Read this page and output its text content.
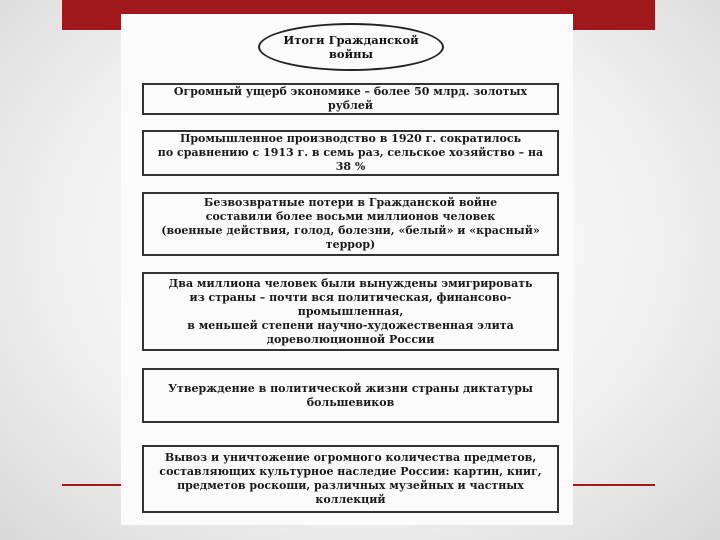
Итоги Гражданской войны
Огромный ущерб экономике – более 50 млрд. золотых рублей
Промышленное производство в 1920 г. сократилось
по сравнению с 1913 г. в семь раз, сельское хозяйство – на 38 %
Безвозвратные потери в Гражданской войне
составили более восьми миллионов человек
(военные действия, голод, болезни, «белый» и «красный» террор)
Два миллиона человек были вынуждены эмигрировать
из страны – почти вся политическая, финансово-промышленная,
в меньшей степени научно-художественная элита
дореволюционной России
Утверждение в политической жизни страны диктатуры
большевиков
Вывоз и уничтожение огромного количества предметов,
составляющих культурное наследие России: картин, книг,
предметов роскоши, различных музейных и частных коллекций
